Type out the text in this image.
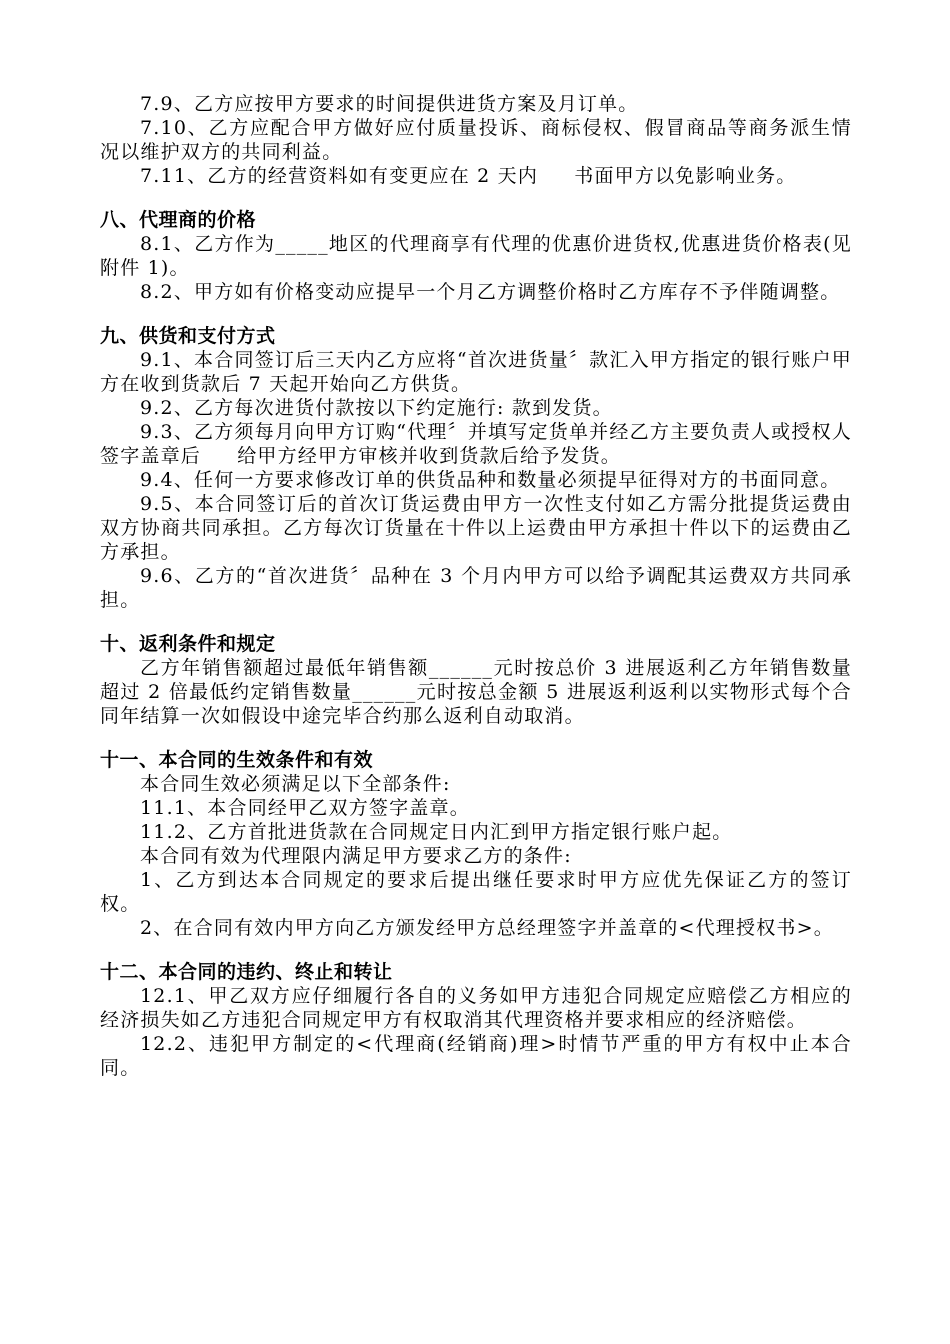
7.9、乙方应按甲方要求的时间提供进货方案及月订单。

7.10、乙方应配合甲方做好应付质量投诉、商标侵权、假冒商品等商务派生情况以维护双方的共同利益。

7.11、乙方的经营资料如有变更应在 2 天内     书面甲方以免影响业务。

八、代理商的价格

8.1、乙方作为_____地区的代理商享有代理的优惠价进货权,优惠进货价格表(见附件 1)。

8.2、甲方如有价格变动应提早一个月乙方调整价格时乙方库存不予伴随调整。

九、供货和支付方式

9.1、本合同签订后三天内乙方应将“首次进货量〞款汇入甲方指定的银行账户甲方在收到货款后 7 天起开始向乙方供货。

9.2、乙方每次进货付款按以下约定施行: 款到发货。

9.3、乙方须每月向甲方订购“代理〞并填写定货单并经乙方主要负责人或授权人签字盖章后     给甲方经甲方审核并收到货款后给予发货。

9.4、任何一方要求修改订单的供货品种和数量必须提早征得对方的书面同意。

9.5、本合同签订后的首次订货运费由甲方一次性支付如乙方需分批提货运费由双方协商共同承担。乙方每次订货量在十件以上运费由甲方承担十件以下的运费由乙方承担。

9.6、乙方的“首次进货〞品种在 3 个月内甲方可以给予调配其运费双方共同承担。

十、返利条件和规定

乙方年销售额超过最低年销售额______元时按总价 3 进展返利乙方年销售数量超过 2 倍最低约定销售数量______元时按总金额 5 进展返利返利以实物形式每个合同年结算一次如假设中途完毕合约那么返利自动取消。

十一、本合同的生效条件和有效

本合同生效必须满足以下全部条件:

11.1、本合同经甲乙双方签字盖章。

11.2、乙方首批进货款在合同规定日内汇到甲方指定银行账户起。

本合同有效为代理限内满足甲方要求乙方的条件:

1、乙方到达本合同规定的要求后提出继任要求时甲方应优先保证乙方的签订权。

2、在合同有效内甲方向乙方颁发经甲方总经理签字并盖章的<代理授权书>。

十二、本合同的违约、终止和转让

12.1、甲乙双方应仔细履行各自的义务如甲方违犯合同规定应赔偿乙方相应的经济损失如乙方违犯合同规定甲方有权取消其代理资格并要求相应的经济赔偿。

12.2、违犯甲方制定的<代理商(经销商)理>时情节严重的甲方有权中止本合同。
